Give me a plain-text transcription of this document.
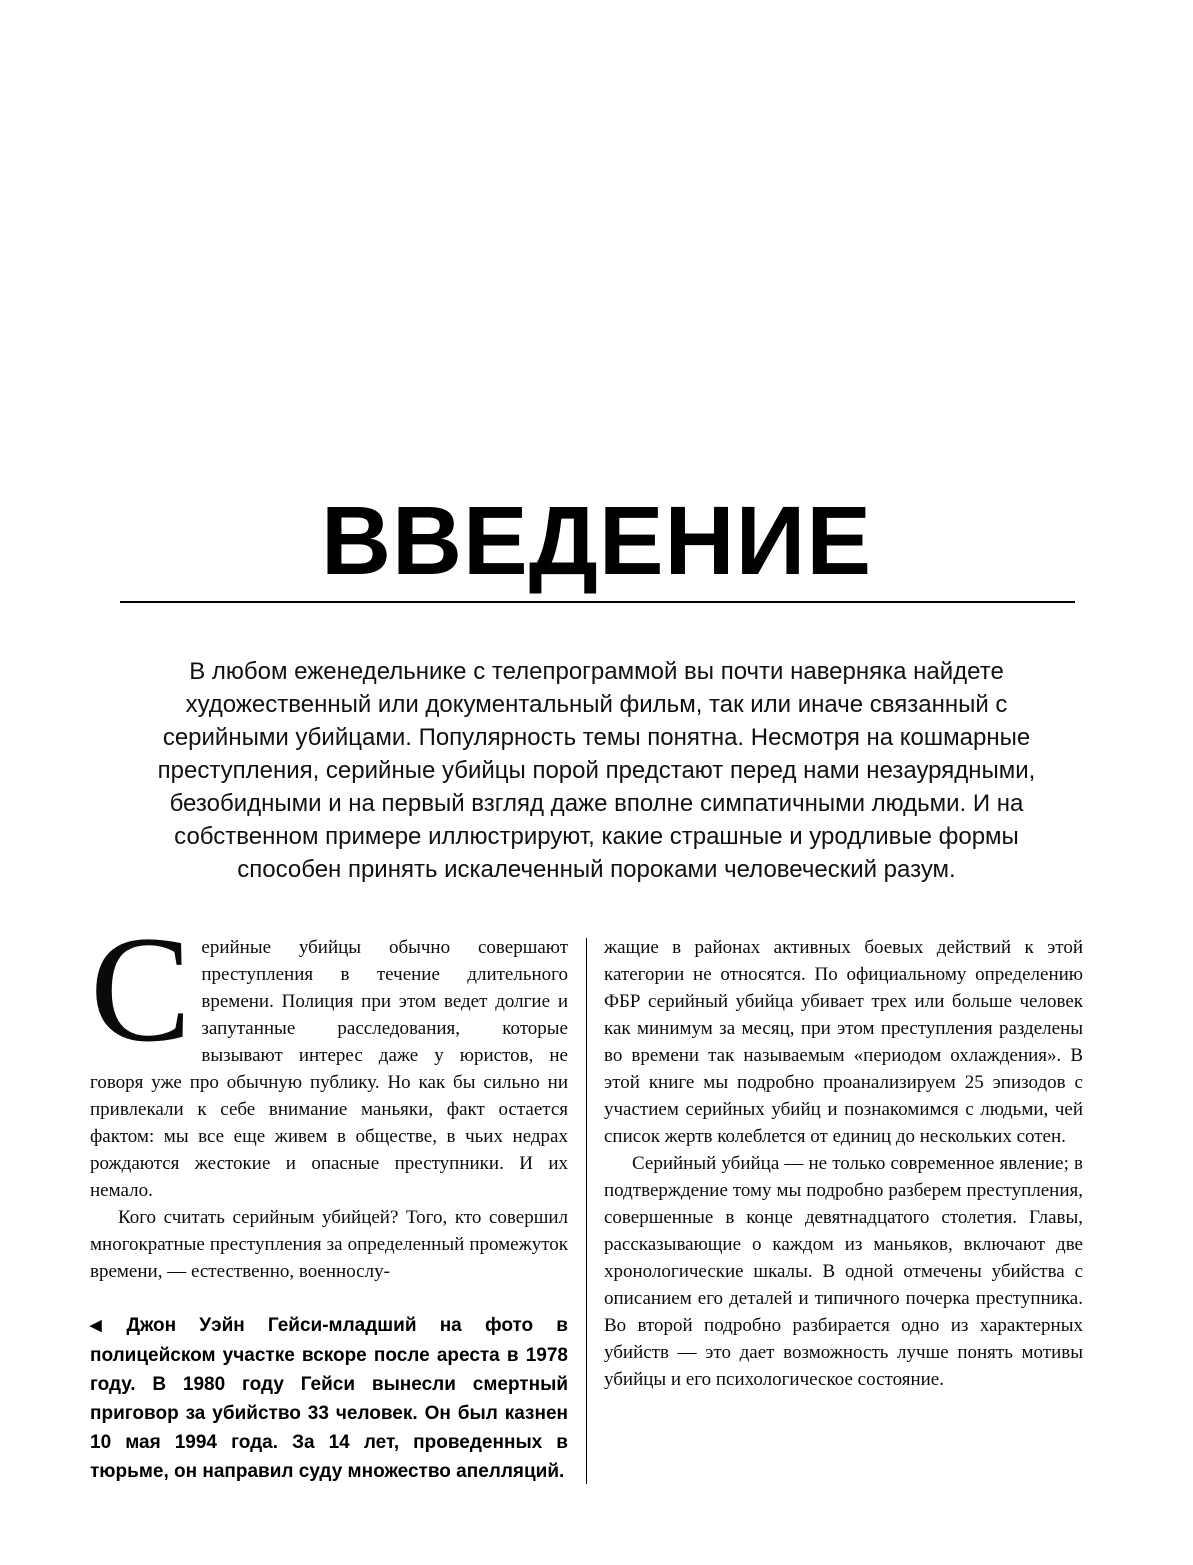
ВВЕДЕНИЕ

В любом еженедельнике с телепрограммой вы почти наверняка найдете художественный или документальный фильм, так или иначе связанный с серийными убийцами. Популярность темы понятна. Несмотря на кошмарные преступления, серийные убийцы порой предстают перед нами незаурядными, безобидными и на первый взгляд даже вполне симпатичными людьми. И на собственном примере иллюстрируют, какие страшные и уродливые формы способен принять искалеченный пороками человеческий разум.

Серийные убийцы обычно совершают преступления в течение длительного времени. Полиция при этом ведет долгие и запутанные расследования, которые вызывают интерес даже у юристов, не говоря уже про обычную публику. Но как бы сильно ни привлекали к себе внимание маньяки, факт остается фактом: мы все еще живем в обществе, в чьих недрах рождаются жестокие и опасные преступники. И их немало.

Кого считать серийным убийцей? Того, кто совершил многократные преступления за определенный промежуток времени, — естественно, военнослу-

◀ Джон Уэйн Гейси-младший на фото в полицейском участке вскоре после ареста в 1978 году. В 1980 году Гейси вынесли смертный приговор за убийство 33 человек. Он был казнен 10 мая 1994 года. За 14 лет, проведенных в тюрьме, он направил суду множество апелляций.

жащие в районах активных боевых действий к этой категории не относятся. По официальному определению ФБР серийный убийца убивает трех или больше человек как минимум за месяц, при этом преступления разделены во времени так называемым «периодом охлаждения». В этой книге мы подробно проанализируем 25 эпизодов с участием серийных убийц и познакомимся с людьми, чей список жертв колеблется от единиц до нескольких сотен.

Серийный убийца — не только современное явление; в подтверждение тому мы подробно разберем преступления, совершенные в конце девятнадцатого столетия. Главы, рассказывающие о каждом из маньяков, включают две хронологические шкалы. В одной отмечены убийства с описанием его деталей и типичного почерка преступника. Во второй подробно разбирается одно из характерных убийств — это дает возможность лучше понять мотивы убийцы и его психологическое состояние.
